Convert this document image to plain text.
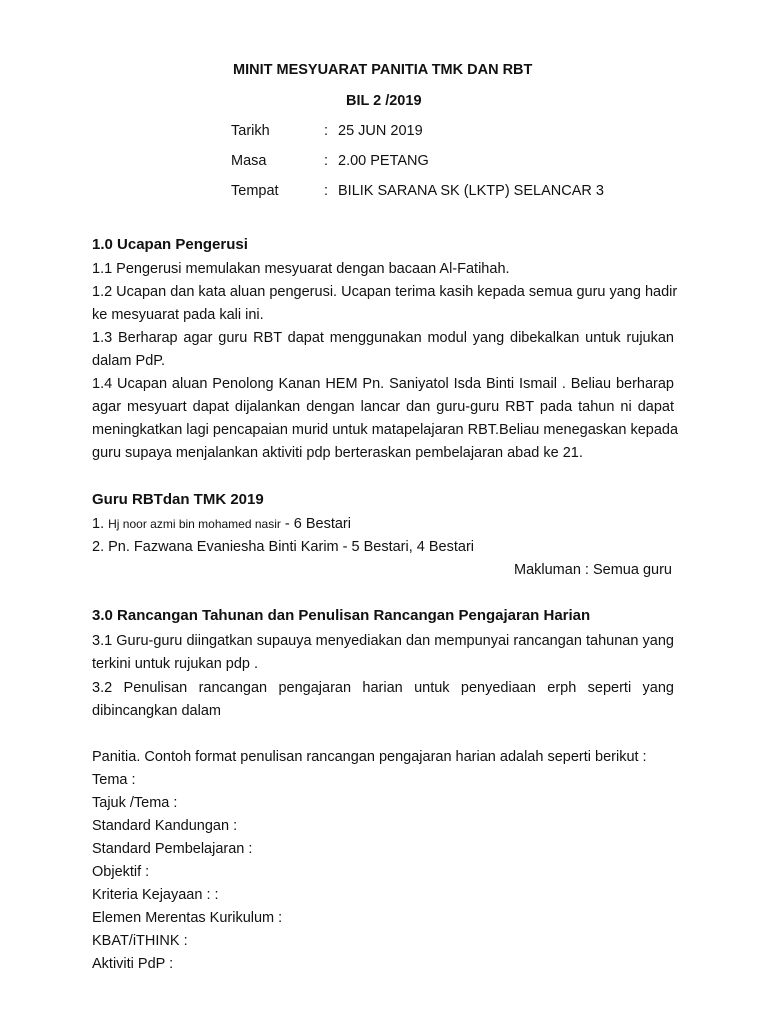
MINIT MESYUARAT PANITIA TMK DAN RBT
BIL 2 /2019
Tarikh	: 25 JUN 2019
Masa	: 2.00 PETANG
Tempat	: BILIK SARANA SK (LKTP) SELANCAR 3
1.0 Ucapan Pengerusi
1.1 Pengerusi memulakan mesyuarat dengan bacaan Al-Fatihah.
1.2 Ucapan dan kata aluan pengerusi. Ucapan terima kasih kepada semua guru yang hadir
ke mesyuarat pada kali ini.
1.3 Berharap agar guru RBT dapat menggunakan modul yang dibekalkan untuk rujukan
dalam PdP.
1.4 Ucapan aluan Penolong Kanan HEM Pn. Saniyatol Isda Binti Ismail . Beliau berharap
agar mesyuart dapat dijalankan dengan lancar dan guru-guru RBT pada tahun ni dapat
meningkatkan lagi pencapaian murid untuk matapelajaran RBT.Beliau menegaskan kepada
guru supaya menjalankan aktiviti pdp berteraskan pembelajaran abad ke 21.
Guru RBTdan TMK 2019
1. Hj noor azmi bin mohamed nasir - 6 Bestari
2. Pn. Fazwana Evaniesha Binti Karim - 5 Bestari, 4 Bestari
Makluman : Semua guru
3.0 Rancangan Tahunan dan Penulisan Rancangan Pengajaran Harian
3.1 Guru-guru diingatkan supauya menyediakan dan mempunyai rancangan tahunan yang
terkini untuk rujukan pdp .
3.2 Penulisan rancangan pengajaran harian untuk penyediaan erph seperti yang
dibincangkan dalam
Panitia. Contoh format penulisan rancangan pengajaran harian adalah seperti berikut :
Tema :
Tajuk /Tema :
Standard Kandungan :
Standard Pembelajaran :
Objektif :
Kriteria Kejayaan : :
Elemen Merentas Kurikulum :
KBAT/iTHINK :
Aktiviti PdP :
